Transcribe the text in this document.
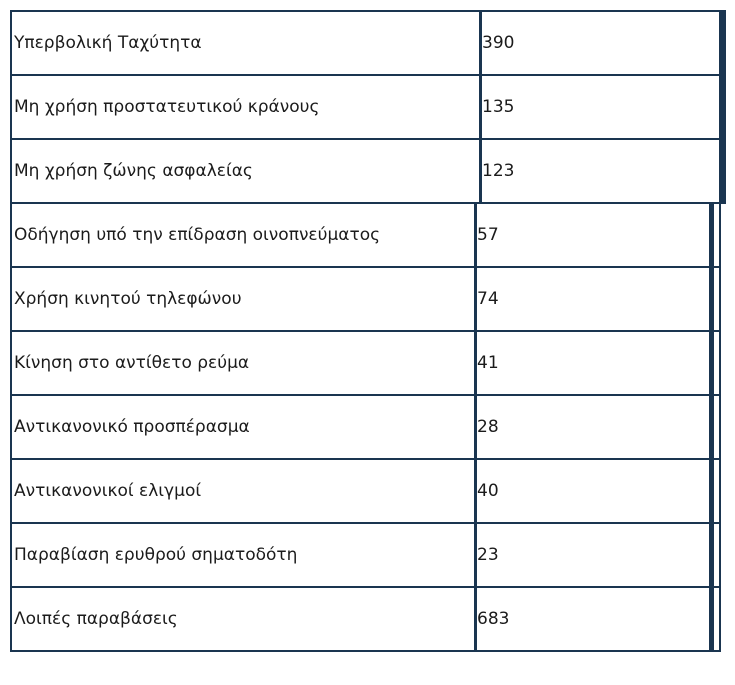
Υπερβολική Ταχύτητα	390
Μη χρήση προστατευτικού κράνους	135
Μη χρήση ζώνης ασφαλείας	123
Οδήγηση υπό την επίδραση οινοπνεύματος	57
Χρήση κινητού τηλεφώνου	74
Κίνηση στο αντίθετο ρεύμα	41
Αντικανονικό προσπέρασμα	28
Αντικανονικοί ελιγμοί	40
Παραβίαση ερυθρού σηματοδότη	23
Λοιπές παραβάσεις	683
